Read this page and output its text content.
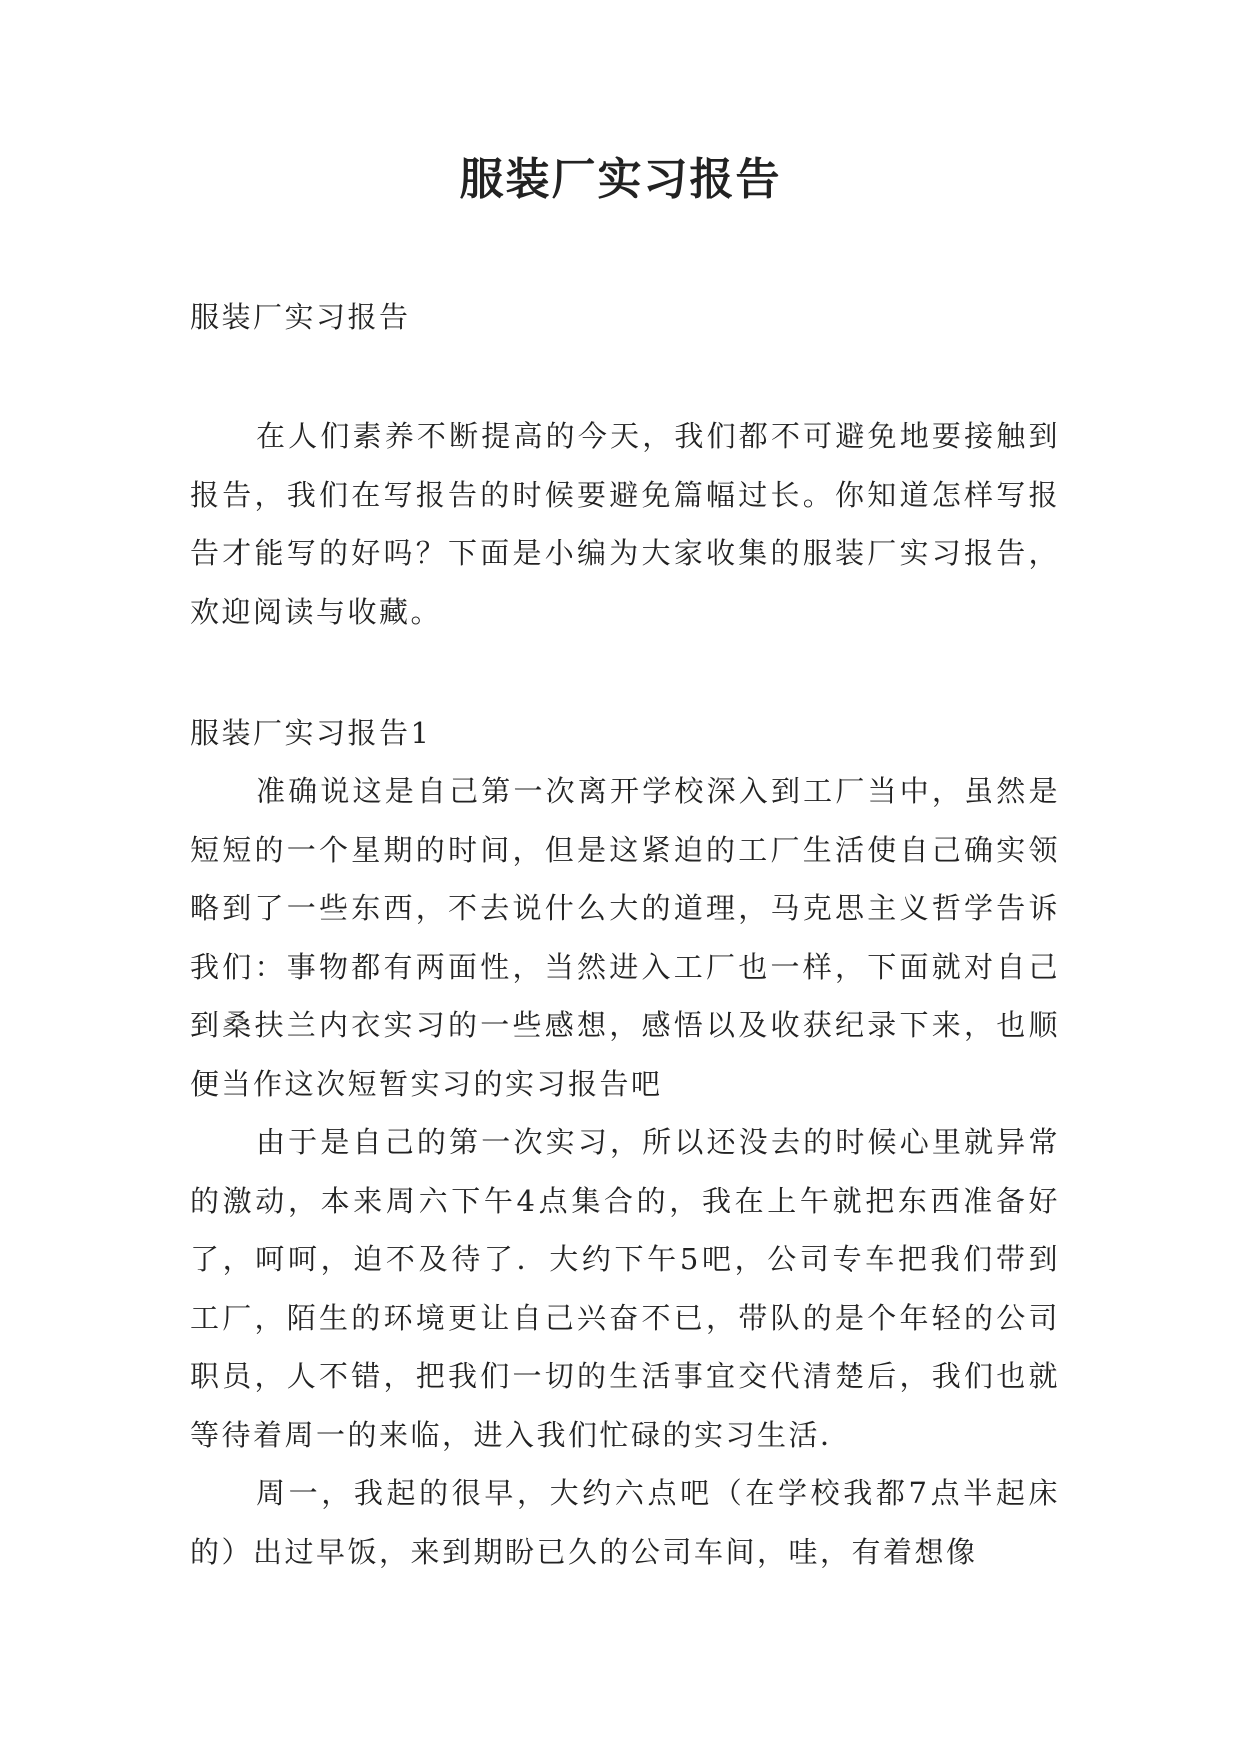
服装厂实习报告
服装厂实习报告

在人们素养不断提高的今天，我们都不可避免地要接触到报告，我们在写报告的时候要避免篇幅过长。你知道怎样写报告才能写的好吗？下面是小编为大家收集的服装厂实习报告，欢迎阅读与收藏。

服装厂实习报告1

准确说这是自己第一次离开学校深入到工厂当中，虽然是短短的一个星期的时间，但是这紧迫的工厂生活使自己确实领略到了一些东西，不去说什么大的道理，马克思主义哲学告诉我们：事物都有两面性，当然进入工厂也一样，下面就对自己到桑扶兰内衣实习的一些感想，感悟以及收获纪录下来，也顺便当作这次短暂实习的实习报告吧

由于是自己的第一次实习，所以还没去的时候心里就异常的激动，本来周六下午4点集合的，我在上午就把东西准备好了，呵呵，迫不及待了．大约下午5吧，公司专车把我们带到工厂，陌生的环境更让自己兴奋不已，带队的是个年轻的公司职员，人不错，把我们一切的生活事宜交代清楚后，我们也就等待着周一的来临，进入我们忙碌的实习生活．

周一，我起的很早，大约六点吧（在学校我都7点半起床的）出过早饭，来到期盼已久的公司车间，哇，有着想像
